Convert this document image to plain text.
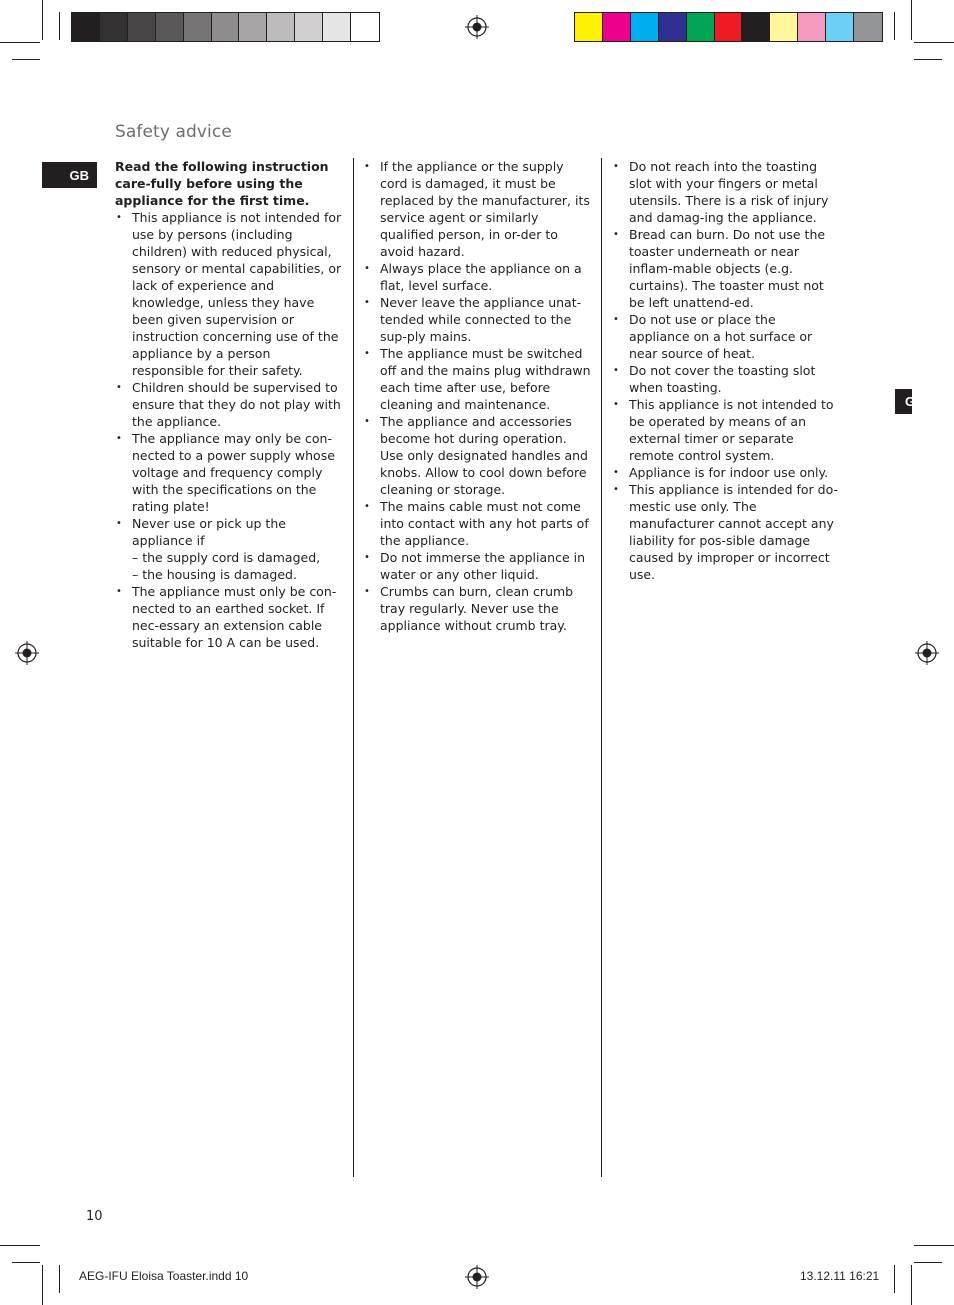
Safety advice
GB
GB
Read the following instruction care-fully before using the appliance for the first time.
• This appliance is not intended for use by persons (including children) with reduced physical, sensory or mental capabilities, or lack of experience and knowledge, unless they have been given supervision or instruction concerning use of the appliance by a person responsible for their safety.
• Children should be supervised to ensure that they do not play with the appliance.
• The appliance may only be con-nected to a power supply whose voltage and frequency comply with the specifications on the rating plate!
• Never use or pick up the appliance if
– the supply cord is damaged,
– the housing is damaged.
• The appliance must only be con-nected to an earthed socket. If nec-essary an extension cable suitable for 10 A can be used.
• If the appliance or the supply cord is damaged, it must be replaced by the manufacturer, its service agent or similarly qualified person, in or-der to avoid hazard.
• Always place the appliance on a flat, level surface.
• Never leave the appliance unat-tended while connected to the sup-ply mains.
• The appliance must be switched off and the mains plug withdrawn each time after use, before cleaning and maintenance.
• The appliance and accessories become hot during operation. Use only designated handles and knobs. Allow to cool down before cleaning or storage.
• The mains cable must not come into contact with any hot parts of the appliance.
• Do not immerse the appliance in water or any other liquid.
• Crumbs can burn, clean crumb tray regularly. Never use the appliance without crumb tray.
• Do not reach into the toasting slot with your fingers or metal utensils. There is a risk of injury and damag-ing the appliance.
• Bread can burn. Do not use the toaster underneath or near inflam-mable objects (e.g. curtains). The toaster must not be left unattend-ed.
• Do not use or place the appliance on a hot surface or near source of heat.
• Do not cover the toasting slot when toasting.
• This appliance is not intended to be operated by means of an external timer or separate remote control system.
• Appliance is for indoor use only.
• This appliance is intended for do-mestic use only. The manufacturer cannot accept any liability for pos-sible damage caused by improper or incorrect use.
10
AEG-IFU Eloisa Toaster.indd 10	13.12.11 16:21
